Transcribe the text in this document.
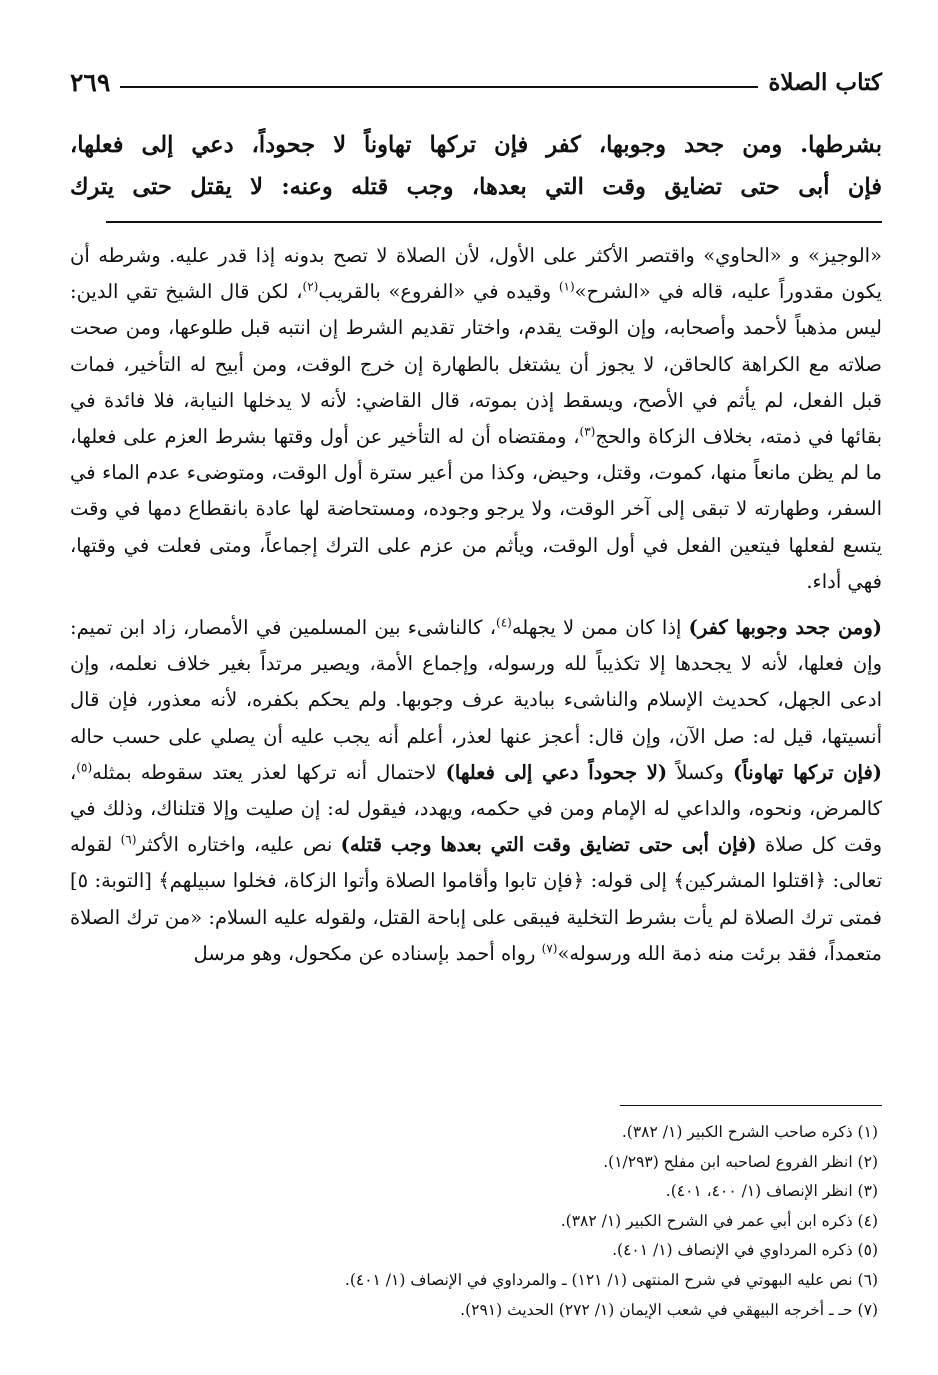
كتاب الصلاة
٢٦٩

بشرطها. ومن جحد وجوبها، كفر فإن تركها تهاوناً لا جحوداً، دعي إلى فعلها،

فإن أبى حتى تضايق وقت التي بعدها، وجب قتله وعنه: لا يقتل حتى يترك

«الوجيز» و «الحاوي» واقتصر الأكثر على الأول، لأن الصلاة لا تصح بدونه إذا قدر عليه. وشرطه أن يكون مقدوراً عليه، قاله في «الشرح»$^{(١)}$ وقيده في «الفروع» بالقريب$^{(٢)}$، لكن قال الشيخ تقي الدين: ليس مذهباً لأحمد وأصحابه، وإن الوقت يقدم، واختار تقديم الشرط إن انتبه قبل طلوعها، ومن صحت صلاته مع الكراهة كالحاقن، لا يجوز أن يشتغل بالطهارة إن خرج الوقت، ومن أبيح له التأخير، فمات قبل الفعل، لم يأثم في الأصح، ويسقط إذن بموته، قال القاضي: لأنه لا يدخلها النيابة، فلا فائدة في بقائها في ذمته، بخلاف الزكاة والحج$^{(٣)}$، ومقتضاه أن له التأخير عن أول وقتها بشرط العزم على فعلها، ما لم يظن مانعاً منها، كموت، وقتل، وحيض، وكذا من أعير سترة أول الوقت، ومتوضىء عدم الماء في السفر، وطهارته لا تبقى إلى آخر الوقت، ولا يرجو وجوده، ومستحاضة لها عادة بانقطاع دمها في وقت يتسع لفعلها فيتعين الفعل في أول الوقت، ويأثم من عزم على الترك إجماعاً، ومتى فعلت في وقتها، فهي أداء.

(ومن جحد وجوبها كفر) إذا كان ممن لا يجهله$^{(٤)}$، كالناشىء بين المسلمين في الأمصار، زاد ابن تميم: وإن فعلها، لأنه لا يجحدها إلا تكذيباً لله ورسوله، وإجماع الأمة، ويصير مرتداً بغير خلاف نعلمه، وإن ادعى الجهل، كحديث الإسلام والناشىء ببادية عرف وجوبها. ولم يحكم بكفره، لأنه معذور، فإن قال أنسيتها، قيل له: صل الآن، وإن قال: أعجز عنها لعذر، أعلم أنه يجب عليه أن يصلي على حسب حاله (فإن تركها تهاوناً) وكسلاً (لا جحوداً دعي إلى فعلها) لاحتمال أنه تركها لعذر يعتد سقوطه بمثله$^{(٥)}$، كالمرض، ونحوه، والداعي له الإمام ومن في حكمه، ويهدد، فيقول له: إن صليت وإلا قتلناك، وذلك في وقت كل صلاة (فإن أبى حتى تضايق وقت التي بعدها وجب قتله) نص عليه، واختاره الأكثر$^{(٦)}$ لقوله تعالى: ﴿اقتلوا المشركين﴾ إلى قوله: ﴿فإن تابوا وأقاموا الصلاة وأتوا الزكاة، فخلوا سبيلهم﴾ [التوبة: ٥] فمتى ترك الصلاة لم يأت بشرط التخلية فيبقى على إباحة القتل، ولقوله عليه السلام: «من ترك الصلاة متعمداً، فقد برئت منه ذمة الله ورسوله»$^{(٧)}$ رواه أحمد بإسناده عن مكحول، وهو مرسل

(١) ذكره صاحب الشرح الكبير (١/ ٣٨٢).
(٢) انظر الفروع لصاحبه ابن مفلح (١/٢٩٣).
(٣) انظر الإنصاف (١/ ٤٠٠، ٤٠١).
(٤) ذكره ابن أبي عمر في الشرح الكبير (١/ ٣٨٢).
(٥) ذكره المرداوي في الإنصاف (١/ ٤٠١).
(٦) نص عليه البهوتي في شرح المنتهى (١/ ١٢١) ـ والمرداوي في الإنصاف (١/ ٤٠١).
(٧) حـ ـ أخرجه البيهقي في شعب الإيمان (١/ ٢٧٢) الحديث (٢٩١).
